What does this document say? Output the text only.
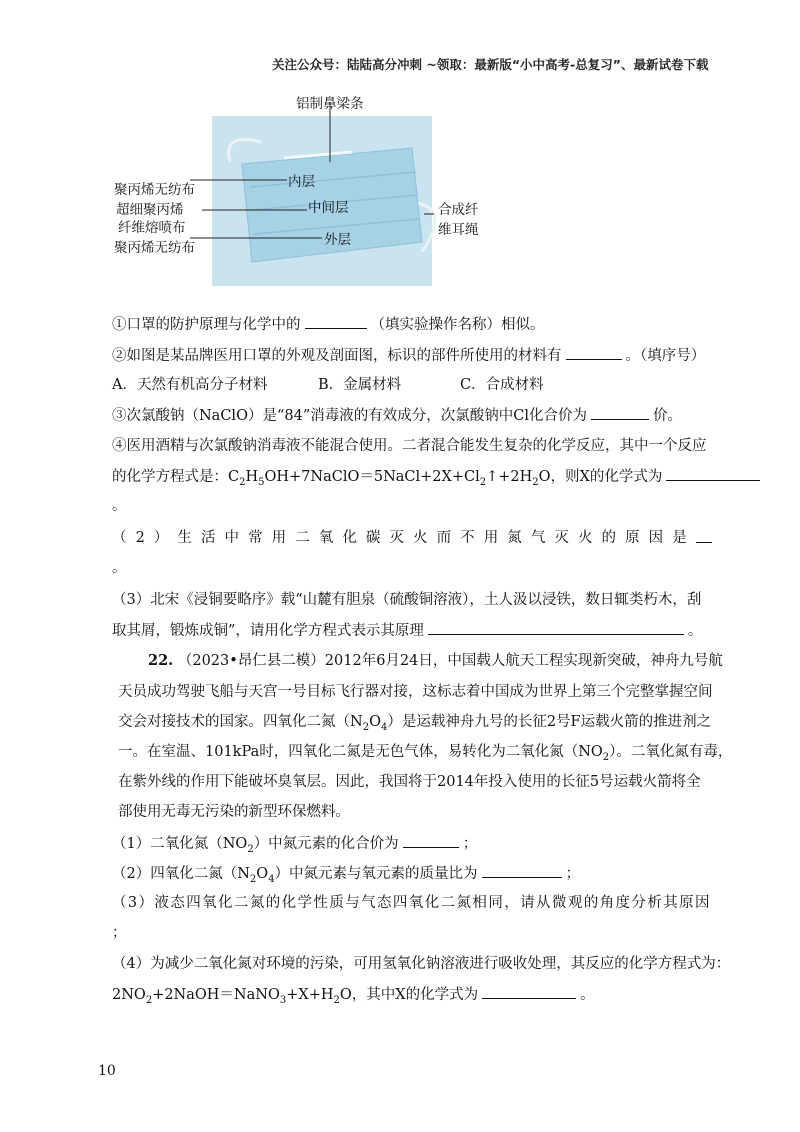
关注公众号：陆陆高分冲刺 ~领取：最新版“小中高考-总复习”、最新试卷下载
铝制鼻梁条
聚丙烯无纺布	内层
超细聚丙烯
纤维熔喷布
中间层
聚丙烯无纺布	外层
合成纤
维耳绳
①口罩的防护原理与化学中的	（填实验操作名称）相似。
②如图是某品牌医用口罩的外观及剖面图，标识的部件所使用的材料有	。（填序号）
A．天然有机高分子材料	B．金属材料	C．合成材料
③次氯酸钠（NaClO）是“84”消毒液的有效成分，次氯酸钠中Cl化合价为	价。
④医用酒精与次氯酸钠消毒液不能混合使用。二者混合能发生复杂的化学反应，其中一个反应
的化学方程式是：$C_2H_5OH+7NaClO=5NaCl+2X+Cl_2↑+2H_2O$，则X的化学式为
。
（ 2 ） 生 活 中 常 用 二 氧 化 碳 灭 火 而 不 用 氮 气 灭 火 的 原 因 是
。
（3）北宋《浸铜要略序》载“山麓有胆泉（硫酸铜溶液），土人汲以浸铁，数日辄类朽木，刮
取其屑，锻炼成铜”，请用化学方程式表示其原理	。
22. （2023•昂仁县二模）2012年6月24日，中国载人航天工程实现新突破，神舟九号航
天员成功驾驶飞船与天宫一号目标飞行器对接，这标志着中国成为世界上第三个完整掌握空间
交会对接技术的国家。四氧化二氮$(N_2O_4)$是运载神舟九号的长征2号F运载火箭的推进剂之
一。在室温、101kPa时，四氧化二氮是无色气体，易转化为二氧化氮$(NO_2)$。二氧化氮有毒，
在紫外线的作用下能破坏臭氧层。因此，我国将于2014年投入使用的长征5号运载火箭将全
部使用无毒无污染的新型环保燃料。
（1）二氧化氮$(NO_2)$中氮元素的化合价为	；
（2）四氧化二氮$(N_2O_4)$中氮元素与氧元素的质量比为	；
（3）液态四氧化二氮的化学性质与气态四氧化二氮相同，请从微观的角度分析其原因
；
（4）为减少二氧化氮对环境的污染，可用氢氧化钠溶液进行吸收处理，其反应的化学方程式为：
$2NO_2+2NaOH=NaNO_3+X+H_2O$，其中X的化学式为	。
10
